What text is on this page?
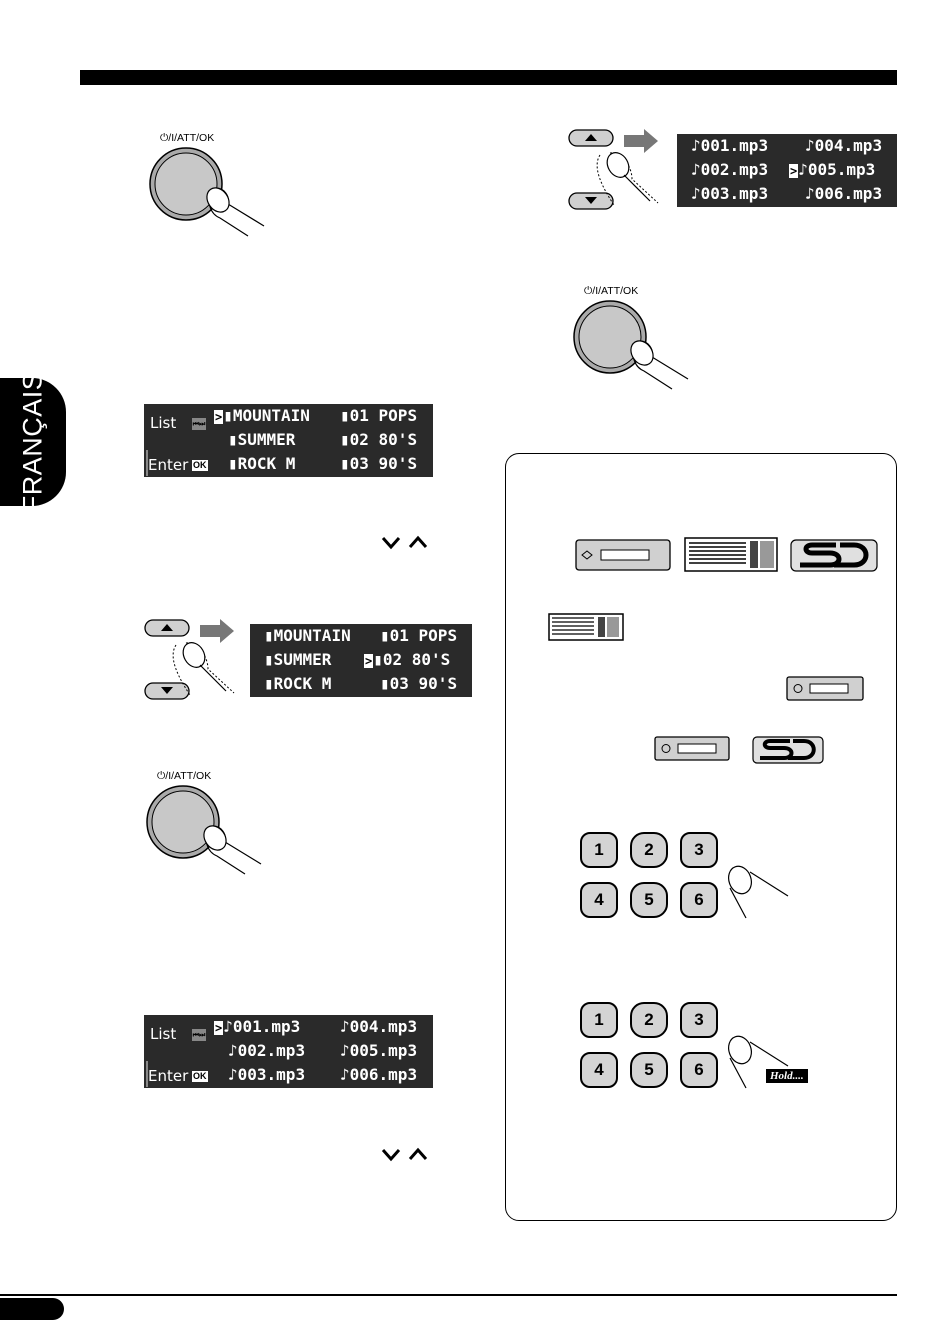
FRANÇAIS
⏻/I/ATT/OK	♪001.mp3 ♪004.mp3
♪002.mp3 >♪005.mp3
♪003.mp3 ♪006.mp3
⏻/I/ATT/OK
List
Enter
⏮⏭
OK
>▮MOUNTAIN ▮01 POPS
▮SUMMER	▮02 80'S
▮ROCK M	▮03 90'S
▮MOUNTAIN ▮01 POPS
▮SUMMER	>▮02 80'S
▮ROCK M	▮03 90'S
⏻/I/ATT/OK
List
Enter
⏮⏭
OK
>♪001.mp3 ♪004.mp3
♪002.mp3 ♪005.mp3
♪003.mp3 ♪006.mp3
1	2	3
4	5	6
1	2	3
4	5	6	Hold....
